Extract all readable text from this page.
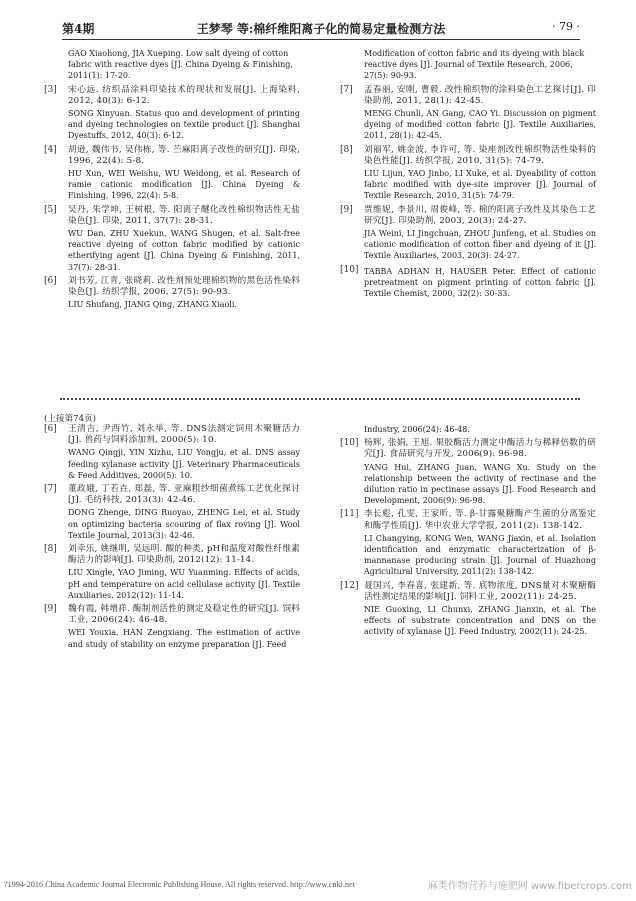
第4期	王梦琴 等:棉纤维阳离子化的简易定量检测方法	· 79 ·

GAO Xiaohong, JIA Xueping. Low salt dyeing of cotton fabric with reactive dyes [J]. China Dyeing & Finishing, 2011(1): 17-20.

[3]	宋心远. 纺织品涂料印染技术的现状和发展[J]. 上海染料, 2012, 40(3): 6-12.

SONG Xinyuan. Status quo and development of printing and dyeing technologies on textile product [J]. Shanghai Dyestuffs, 2012, 40(3): 6-12.

[4]	胡逊, 魏伟书, 吴伟栋, 等. 苎麻阳离子改性的研究[J]. 印染, 1996, 22(4): 5-8.

HU Xun, WEI Weishu, WU Weidong, et al. Research of ramie cationic modification [J]. China Dyeing & Finishing, 1996, 22(4): 5-8.

[5]	吴丹, 朱学坤, 王树根, 等. 阳离子醚化改性棉织物活性无盐染色[J]. 印染, 2011, 37(7): 28-31.

WU Dan, ZHU Xuekun, WANG Shugen, et al. Salt-free reactive dyeing of cotton fabric modified by cationic etherifying agent [J]. China Dyeing & Finishing, 2011, 37(7): 28-31.

[6]	刘书芳, 江青, 张晓莉. 改性剂预处理棉织物的黑色活性染料染色[J]. 纺织学报, 2006, 27(5): 90-93.

LIU Shufang, JIANG Qing, ZHANG Xiaoli.

Modification of cotton fabric and its dyeing with black reactive dyes [J]. Journal of Textile Research, 2006, 27(5): 90-93.

[7]	孟春丽, 安刚, 曹毅. 改性棉织物的涂料染色工艺探讨[J]. 印染助剂, 2011, 28(1): 42-45.

MENG Chunli, AN Gang, CAO Yi. Discussion on pigment dyeing of modified cotton fabric [J]. Textile Auxiliaries, 2011, 28(1): 42-45.

[8]	刘丽军, 姚金波, 李许可, 等. 染座剂改性棉织物活性染料的染色性能[J]. 纺织学报, 2010, 31(5): 74-79.

LIU Lijun, YAO Jinbo, LI Xuke, et al. Dyeability of cotton fabric modified with dye-site improver [J]. Journal of Textile Research, 2010, 31(5): 74-79.

[9]	贾维妮, 李景川, 周俊峰, 等. 棉的阳离子改性及其染色工艺研究[J]. 印染助剂, 2003, 20(3): 24-27.

JIA Weini, LI Jingchuan, ZHOU Junfeng, et al. Studies on cationic modification of cotton fiber and dyeing of it [J]. Textile Auxiliaries, 2003, 20(3): 24-27.

[10] TABBA ADHAN H, HAUSER Peter. Effect of cationic pretreatment on pigment printing of cotton fabric [J]. Textile Chemist, 2000, 32(2): 30-33.

(上接第74页)
[6]	王清吉, 尹西竹, 刘永举, 等. DNS法测定饲用木聚糖活力[J]. 兽药与饲料添加剂, 2000(5): 10.

WANG Qingji, YIN Xizhu, LIU Yongju, et al. DNS assay feeding xylanase activity [J]. Veterinary Pharmaceuticals & Feed Additives, 2000(5): 10.

[7]	董政娥, 丁若垚, 郑磊, 等. 亚麻粗纱细菌煮练工艺优化探讨[J]. 毛纺科技, 2013(3): 42-46.

DONG Zhenge, DING Ruoyao, ZHENG Lei, et al. Study on optimizing bacteria scouring of flax roving [J]. Wool Textile Journal, 2013(3): 42-46.

[8]	刘幸乐, 姚继明, 吴远明. 酸的种类, pH和温度对酸性纤维素酶活力的影响[J]. 印染助剂, 2012(12): 11-14.

LIU Xingle, YAO Jiming, WU Yuanming. Effects of acids, pH and temperature on acid cellulase activity [J]. Textile Auxiliaries, 2012(12): 11-14.

[9]	魏有霞, 韩增祥. 酶制剂活性的测定及稳定性的研究[J]. 饲料工业, 2006(24): 46-48.

WEI Youxia, HAN Zengxiang. The estimation of active and study of stability on enzyme preparation [J]. Feed

Industry, 2006(24): 46-48.

[10] 杨辉, 张娟, 王旭. 果胶酶活力测定中酶活力与稀释倍数的研究[J]. 食品研究与开发, 2006(9): 96-98.

YANG Hui, ZHANG Juan, WANG Xu. Study on the relationship between the activity of rectinase and the dilution ratio in pectinase assays [J]. Food Research and Development, 2006(9): 96-98.

[11] 李长彪, 孔雯, 王家昕, 等. β-甘露聚糖酶产生菌的分离鉴定和酶学性质[J]. 华中农业大学学报, 2011(2): 138-142.

LI Changying, KONG Wen, WANG Jiaxin, et al. Isolation identification and enzymatic characterization of β-mannanase producing strain [J]. Journal of Huazhong Agricultural University, 2011(2): 138-142.

[12] 聂国兴, 李春喜, 张建新, 等. 底物浓度, DNS量对木聚糖酶活性测定结果的影响[J]. 饲料工业, 2002(11): 24-25.

NIE Guoxing, LI Chunxi, ZHANG Jianxin, et al. The effects of substrate concentration and DNS on the activity of xylanase [J]. Feed Industry, 2002(11): 24-25.

?1994-2016 China Academic Journal Electronic Publishing House. All rights reserved. http://www.cnki.net	麻类作物营养与施肥网 www.fibercrops.com
